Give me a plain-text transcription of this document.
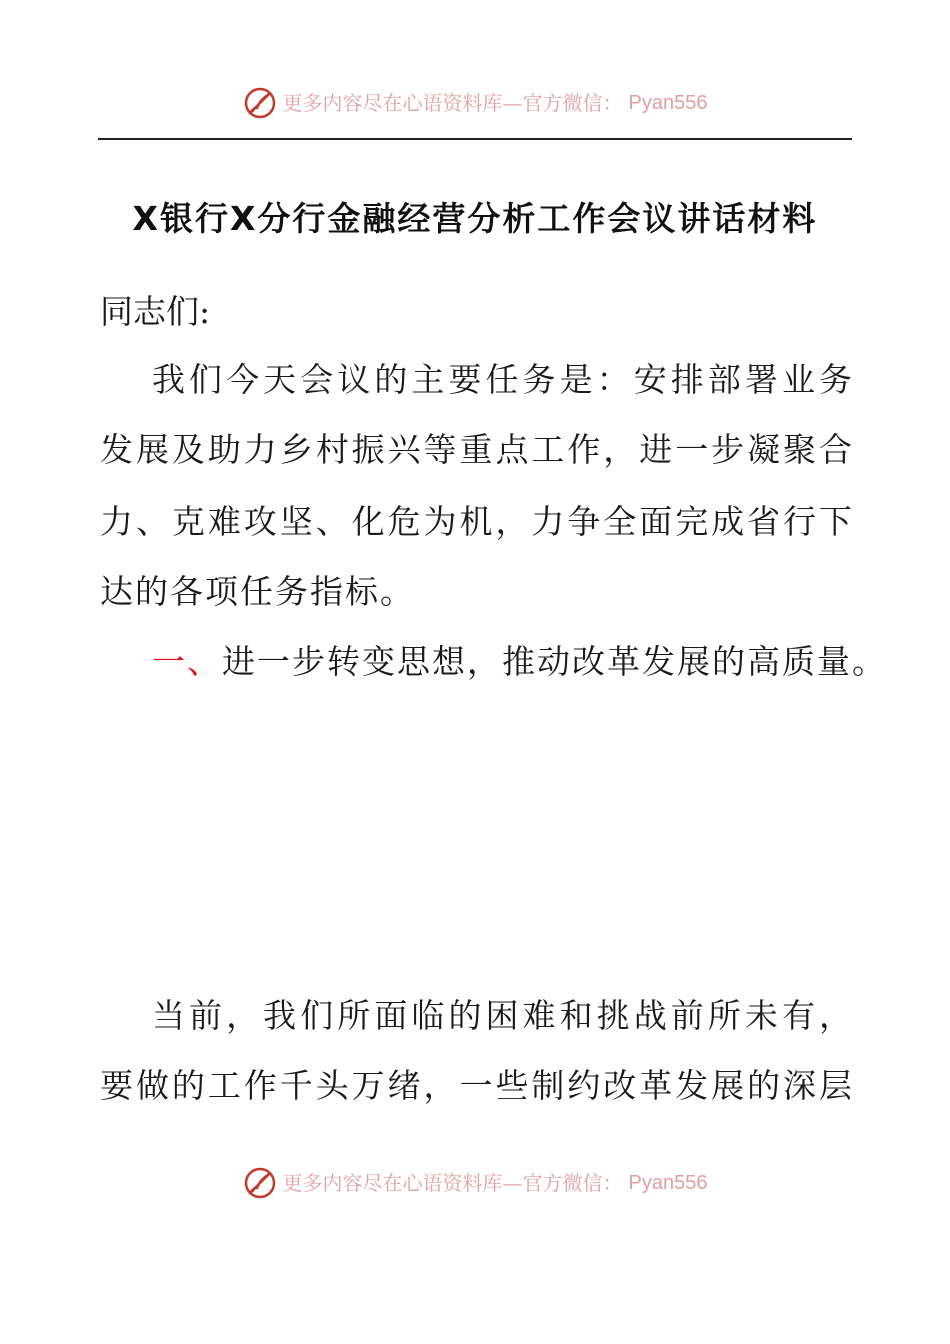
更多内容尽在心语资料库—官方微信： Pyan556
X银行X分行金融经营分析工作会议讲话材料
同志们:
我们今天会议的主要任务是：安排部署业务
发展及助力乡村振兴等重点工作，进一步凝聚合
力、克难攻坚、化危为机，力争全面完成省行下
达的各项任务指标。
一、进一步转变思想，推动改革发展的高质量。
当前，我们所面临的困难和挑战前所未有，
要做的工作千头万绪，一些制约改革发展的深层
更多内容尽在心语资料库—官方微信： Pyan556
